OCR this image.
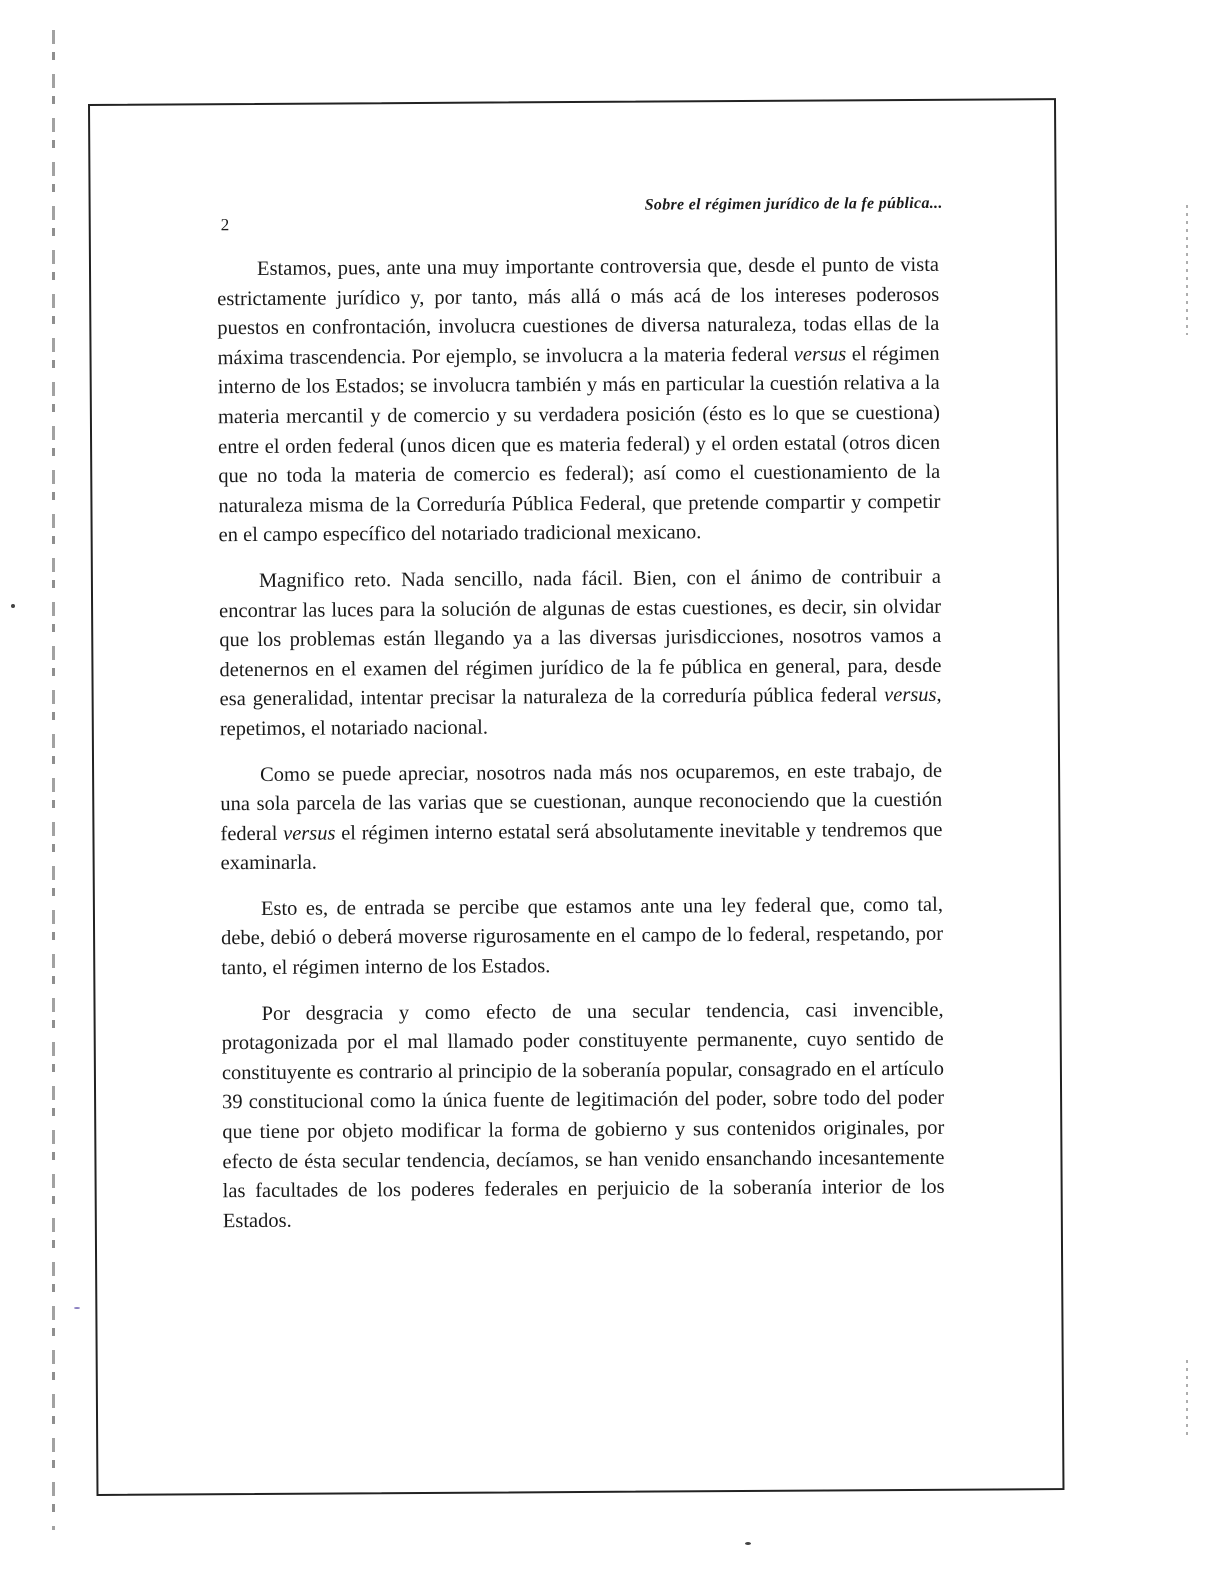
2
Sobre el régimen jurídico de la fe pública...

Estamos, pues, ante una muy importante controversia que, desde el punto de vista estrictamente jurídico y, por tanto, más allá o más acá de los intereses poderosos puestos en confrontación, involucra cuestiones de diversa naturaleza, todas ellas de la máxima trascendencia. Por ejemplo, se involucra a la materia federal versus el régimen interno de los Estados; se involucra también y más en particular la cuestión relativa a la materia mercantil y de comercio y su verdadera posición (ésto es lo que se cuestiona) entre el orden federal (unos dicen que es materia federal) y el orden estatal (otros dicen que no toda la materia de comercio es federal); así como el cuestionamiento de la naturaleza misma de la Correduría Pública Federal, que pretende compartir y competir en el campo específico del notariado tradicional mexicano.

Magnifico reto. Nada sencillo, nada fácil. Bien, con el ánimo de contribuir a encontrar las luces para la solución de algunas de estas cuestiones, es decir, sin olvidar que los problemas están llegando ya a las diversas jurisdicciones, nosotros vamos a detenernos en el examen del régimen jurídico de la fe pública en general, para, desde esa generalidad, intentar precisar la naturaleza de la correduría pública federal versus, repetimos, el notariado nacional.

Como se puede apreciar, nosotros nada más nos ocuparemos, en este trabajo, de una sola parcela de las varias que se cuestionan, aunque reconociendo que la cuestión federal versus el régimen interno estatal será absolutamente inevitable y tendremos que examinarla.

Esto es, de entrada se percibe que estamos ante una ley federal que, como tal, debe, debió o deberá moverse rigurosamente en el campo de lo federal, respetando, por tanto, el régimen interno de los Estados.

Por desgracia y como efecto de una secular tendencia, casi invencible, protagonizada por el mal llamado poder constituyente permanente, cuyo sentido de constituyente es contrario al principio de la soberanía popular, consagrado en el artículo 39 constitucional como la única fuente de legitimación del poder, sobre todo del poder que tiene por objeto modificar la forma de gobierno y sus contenidos originales, por efecto de ésta secular tendencia, decíamos, se han venido ensanchando incesantemente las facultades de los poderes federales en perjuicio de la soberanía interior de los Estados.
